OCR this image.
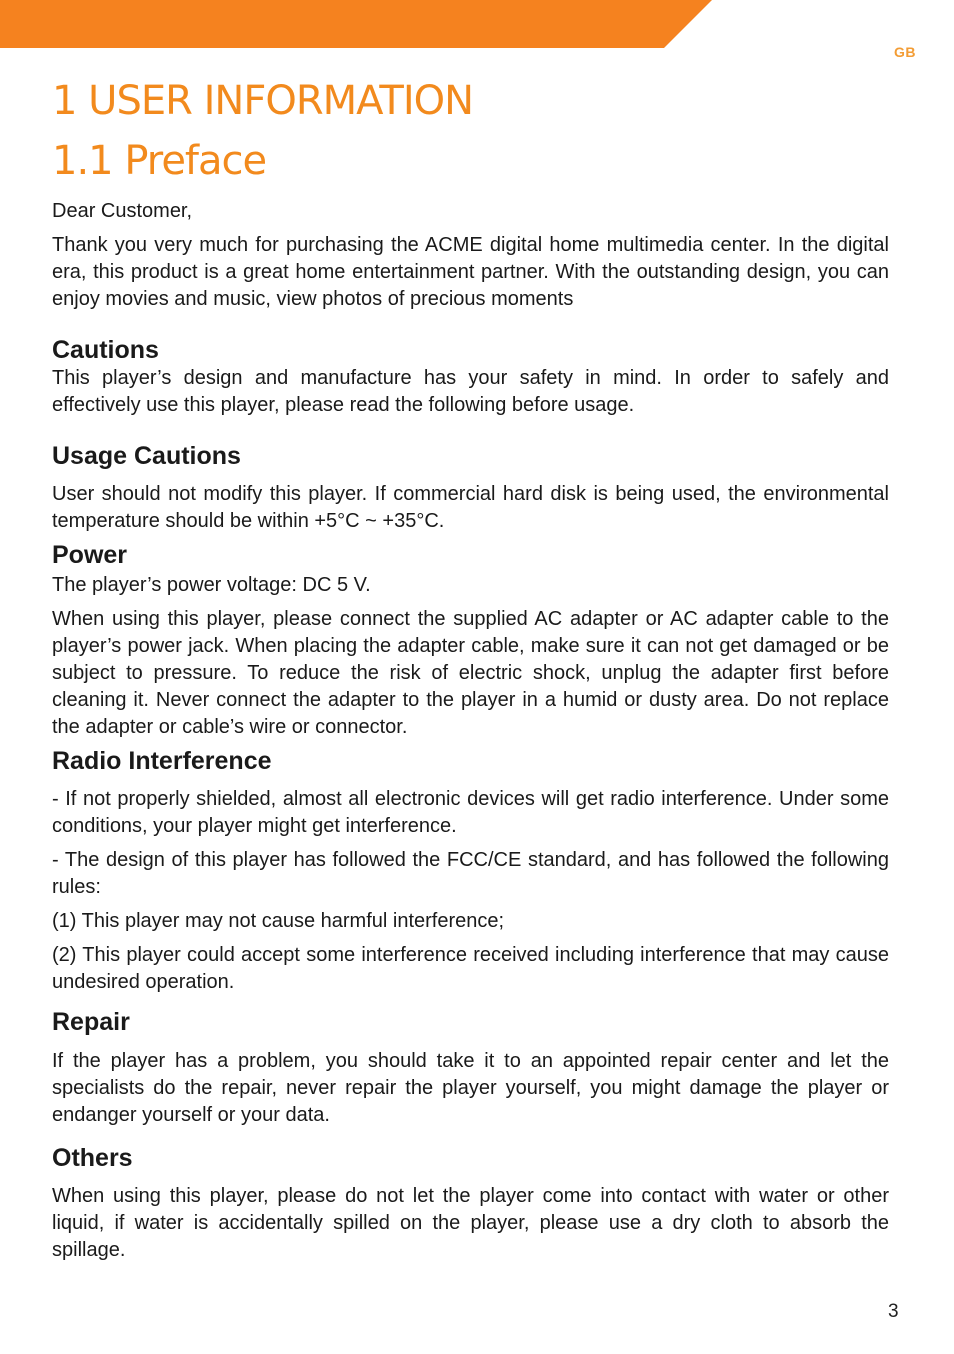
GB
1 USER INFORMATION
1.1 Preface

Dear Customer,

Thank you very much for purchasing the ACME digital home multimedia center. In the digital era, this product is a great home entertainment partner. With the outstanding design, you can enjoy movies and music, view photos of precious moments

Cautions

This player’s design and manufacture has your safety in mind. In order to safely and effectively use this player, please read the following before usage.

Usage Cautions

User should not modify this player. If commercial hard disk is being used, the environmental temperature should be within +5°C ~ +35°C.

Power

The player’s power voltage: DC 5 V.

When using this player, please connect the supplied AC adapter or AC adapter cable to the player’s power jack. When placing the adapter cable, make sure it can not get damaged or be subject to pressure. To reduce the risk of electric shock, unplug the adapter first before cleaning it. Never connect the adapter to the player in a humid or dusty area. Do not replace the adapter or cable’s wire or connector.

Radio Interference

- If not properly shielded, almost all electronic devices will get radio interference. Under some conditions, your player might get interference.

- The design of this player has followed the FCC/CE standard, and has followed the following rules:

(1) This player may not cause harmful interference;

(2) This player could accept some interference received including interference that may cause undesired operation.

Repair

If the player has a problem, you should take it to an appointed repair center and let the specialists do the repair, never repair the player yourself, you might damage the player or endanger yourself or your data.

Others

When using this player, please do not let the player come into contact with water or other liquid, if water is accidentally spilled on the player, please use a dry cloth to absorb the spillage.

3
